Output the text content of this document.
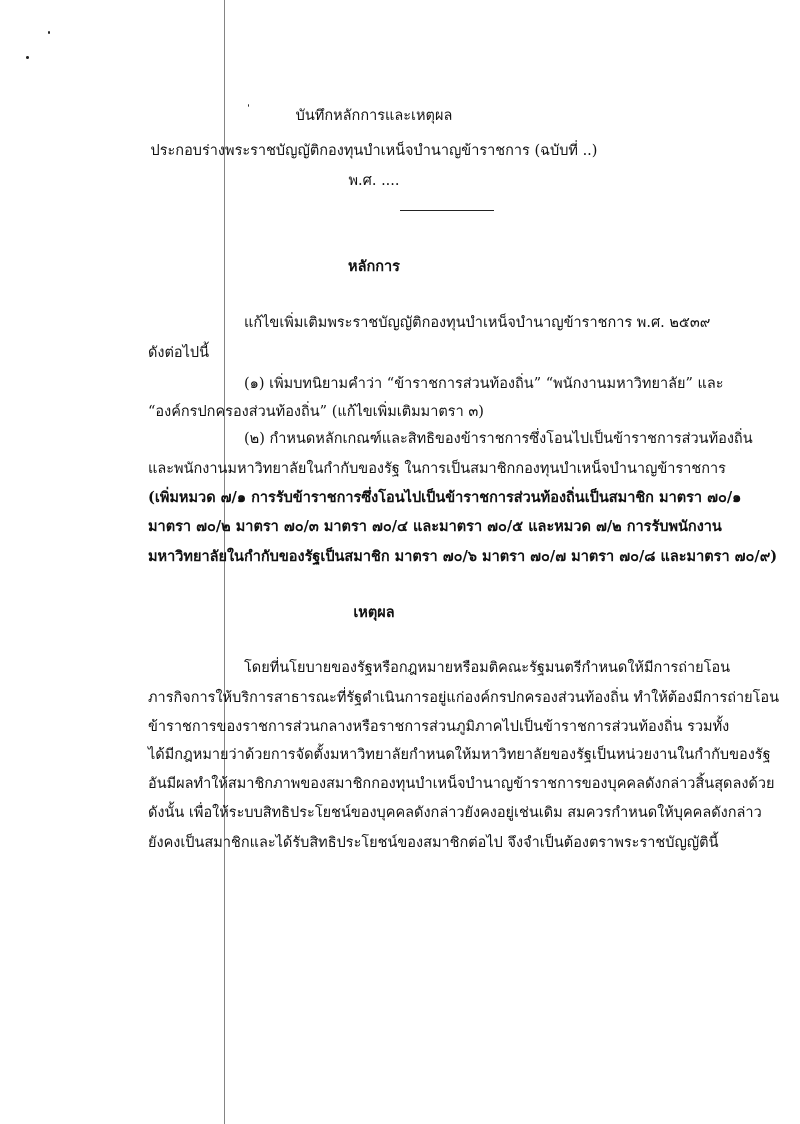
บันทึกหลักการและเหตุผล
ประกอบร่างพระราชบัญญัติกองทุนบำเหน็จบำนาญข้าราชการ (ฉบับที่ ..)
พ.ศ. ....
หลักการ
แก้ไขเพิ่มเติมพระราชบัญญัติกองทุนบำเหน็จบำนาญข้าราชการ พ.ศ. ๒๕๓๙
ดังต่อไปนี้
(๑) เพิ่มบทนิยามคำว่า “ข้าราชการส่วนท้องถิ่น” “พนักงานมหาวิทยาลัย” และ
“องค์กรปกครองส่วนท้องถิ่น” (แก้ไขเพิ่มเติมมาตรา ๓)
(๒) กำหนดหลักเกณฑ์และสิทธิของข้าราชการซึ่งโอนไปเป็นข้าราชการส่วนท้องถิ่น
และพนักงานมหาวิทยาลัยในกำกับของรัฐ ในการเป็นสมาชิกกองทุนบำเหน็จบำนาญข้าราชการ
(เพิ่มหมวด ๗/๑ การรับข้าราชการซึ่งโอนไปเป็นข้าราชการส่วนท้องถิ่นเป็นสมาชิก มาตรา ๗๐/๑
มาตรา ๗๐/๒ มาตรา ๗๐/๓ มาตรา ๗๐/๔ และมาตรา ๗๐/๕ และหมวด ๗/๒ การรับพนักงาน
มหาวิทยาลัยในกำกับของรัฐเป็นสมาชิก มาตรา ๗๐/๖ มาตรา ๗๐/๗ มาตรา ๗๐/๘ และมาตรา ๗๐/๙)
เหตุผล
โดยที่นโยบายของรัฐหรือกฎหมายหรือมติคณะรัฐมนตรีกำหนดให้มีการถ่ายโอน
ภารกิจการให้บริการสาธารณะที่รัฐดำเนินการอยู่แก่องค์กรปกครองส่วนท้องถิ่น ทำให้ต้องมีการถ่ายโอน
ข้าราชการของราชการส่วนกลางหรือราชการส่วนภูมิภาคไปเป็นข้าราชการส่วนท้องถิ่น รวมทั้ง
ได้มีกฎหมายว่าด้วยการจัดตั้งมหาวิทยาลัยกำหนดให้มหาวิทยาลัยของรัฐเป็นหน่วยงานในกำกับของรัฐ
อันมีผลทำให้สมาชิกภาพของสมาชิกกองทุนบำเหน็จบำนาญข้าราชการของบุคคลดังกล่าวสิ้นสุดลงด้วย
ดังนั้น เพื่อให้ระบบสิทธิประโยชน์ของบุคคลดังกล่าวยังคงอยู่เช่นเดิม สมควรกำหนดให้บุคคลดังกล่าว
ยังคงเป็นสมาชิกและได้รับสิทธิประโยชน์ของสมาชิกต่อไป จึงจำเป็นต้องตราพระราชบัญญัตินี้
